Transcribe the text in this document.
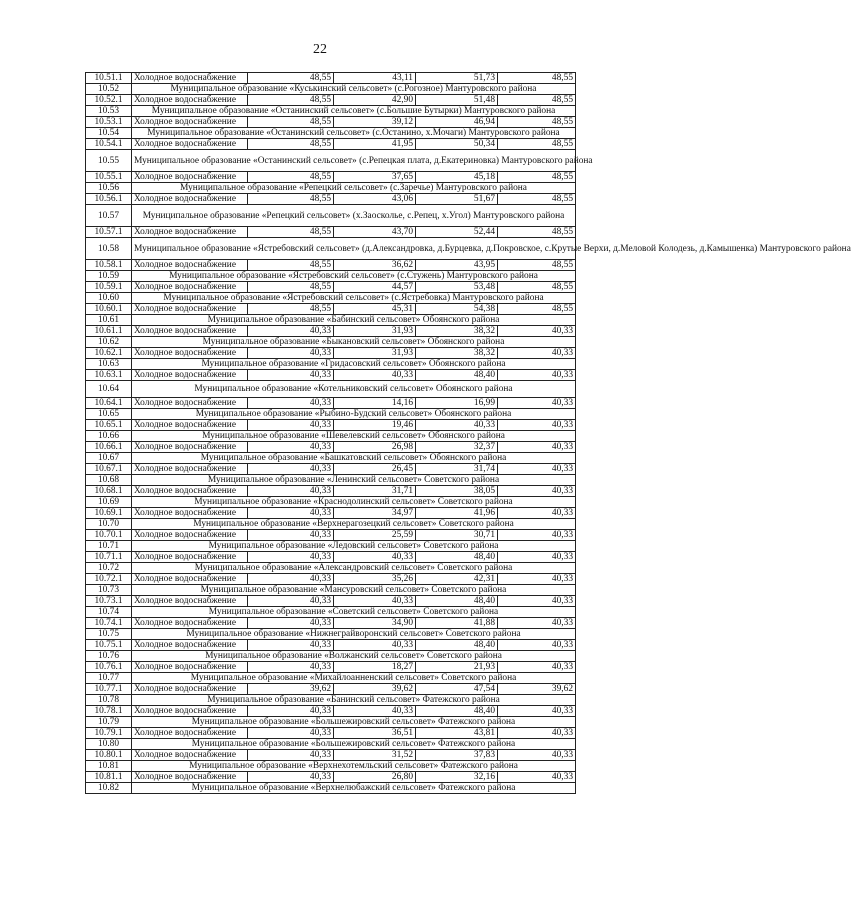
22
10.51.1	Холодное водоснабжение	48,55	43,11	51,73	48,55
10.52	Муниципальное образование «Куськинский сельсовет» (с.Рогозное) Мантуровского района				
10.52.1	Холодное водоснабжение	48,55	42,90	51,48	48,55
10.53	Муниципальное образование «Останинский сельсовет» (с.Большие Бутырки) Мантуровского района				
10.53.1	Холодное водоснабжение	48,55	39,12	46,94	48,55
10.54	Муниципальное образование «Останинский сельсовет» (с.Останино, х.Мочаги) Мантуровского района				
10.54.1	Холодное водоснабжение	48,55	41,95	50,34	48,55
10.55	Муниципальное образование «Останинский сельсовет» (с.Репецкая плата, д.Екатериновка) Мантуровского района				
10.55.1	Холодное водоснабжение	48,55	37,65	45,18	48,55
10.56	Муниципальное образование «Репецкий сельсовет» (с.Заречье) Мантуровского района				
10.56.1	Холодное водоснабжение	48,55	43,06	51,67	48,55
10.57	Муниципальное образование «Репецкий сельсовет» (х.Заосколье, с.Репец, х.Угол) Мантуровского района				
10.57.1	Холодное водоснабжение	48,55	43,70	52,44	48,55
10.58	Муниципальное образование «Ястребовский сельсовет» (д.Александровка, д.Бурцевка, д.Покровское, с.Крутые Верхи, д.Меловой Колодезь, д.Камышенка) Мантуровского района				
10.58.1	Холодное водоснабжение	48,55	36,62	43,95	48,55
10.59	Муниципальное образование «Ястребовский сельсовет» (с.Стужень) Мантуровского района				
10.59.1	Холодное водоснабжение	48,55	44,57	53,48	48,55
10.60	Муниципальное образование «Ястребовский сельсовет» (с.Ястребовка) Мантуровского района				
10.60.1	Холодное водоснабжение	48,55	45,31	54,38	48,55
10.61	Муниципальное образование «Бабинский сельсовет» Обоянского района				
10.61.1	Холодное водоснабжение	40,33	31,93	38,32	40,33
10.62	Муниципальное образование «Быкановский сельсовет» Обоянского района				
10.62.1	Холодное водоснабжение	40,33	31,93	38,32	40,33
10.63	Муниципальное образование «Гридасовский сельсовет» Обоянского района				
10.63.1	Холодное водоснабжение	40,33	40,33	48,40	40,33
10.64	Муниципальное образование «Котельниковский сельсовет» Обоянского района				
10.64.1	Холодное водоснабжение	40,33	14,16	16,99	40,33
10.65	Муниципальное образование «Рыбино-Будский сельсовет» Обоянского района				
10.65.1	Холодное водоснабжение	40,33	19,46	40,33	40,33
10.66	Муниципальное образование «Шевелевский сельсовет» Обоянского района				
10.66.1	Холодное водоснабжение	40,33	26,98	32,37	40,33
10.67	Муниципальное образование «Башкатовский сельсовет» Обоянского района				
10.67.1	Холодное водоснабжение	40,33	26,45	31,74	40,33
10.68	Муниципальное образование «Ленинский сельсовет» Советского района				
10.68.1	Холодное водоснабжение	40,33	31,71	38,05	40,33
10.69	Муниципальное образование «Краснодолинский сельсовет» Советского района				
10.69.1	Холодное водоснабжение	40,33	34,97	41,96	40,33
10.70	Муниципальное образование «Верхнерагозецкий сельсовет» Советского района				
10.70.1	Холодное водоснабжение	40,33	25,59	30,71	40,33
10.71	Муниципальное образование «Ледовский сельсовет» Советского района				
10.71.1	Холодное водоснабжение	40,33	40,33	48,40	40,33
10.72	Муниципальное образование «Александровский сельсовет» Советского района				
10.72.1	Холодное водоснабжение	40,33	35,26	42,31	40,33
10.73	Муниципальное образование «Мансуровский сельсовет» Советского района				
10.73.1	Холодное водоснабжение	40,33	40,33	48,40	40,33
10.74	Муниципальное образование «Советский сельсовет» Советского района				
10.74.1	Холодное водоснабжение	40,33	34,90	41,88	40,33
10.75	Муниципальное образование «Нижнеграйворонский сельсовет» Советского района				
10.75.1	Холодное водоснабжение	40,33	40,33	48,40	40,33
10.76	Муниципальное образование «Волжанский сельсовет» Советского района				
10.76.1	Холодное водоснабжение	40,33	18,27	21,93	40,33
10.77	Муниципальное образование «Михайлоанненский сельсовет» Советского района				
10.77.1	Холодное водоснабжение	39,62	39,62	47,54	39,62
10.78	Муниципальное образование «Банинский сельсовет» Фатежского района				
10.78.1	Холодное водоснабжение	40,33	40,33	48,40	40,33
10.79	Муниципальное образование «Большежировский сельсовет» Фатежского района				
10.79.1	Холодное водоснабжение	40,33	36,51	43,81	40,33
10.80	Муниципальное образование «Большежировский сельсовет» Фатежского района				
10.80.1	Холодное водоснабжение	40,33	31,52	37,83	40,33
10.81	Муниципальное образование «Верхнехотемльский сельсовет» Фатежского района				
10.81.1	Холодное водоснабжение	40,33	26,80	32,16	40,33
10.82	Муниципальное образование «Верхнелюбажский сельсовет» Фатежского района				
